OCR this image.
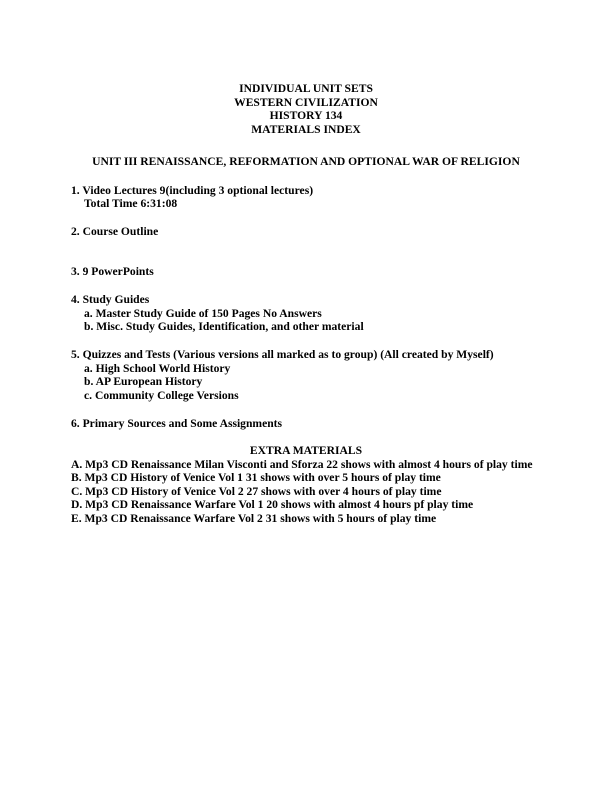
INDIVIDUAL UNIT SETS
WESTERN CIVILIZATION
HISTORY 134
MATERIALS INDEX
UNIT III RENAISSANCE, REFORMATION AND OPTIONAL WAR OF RELIGION
1. Video Lectures 9(including 3 optional lectures)
Total Time 6:31:08
2. Course Outline
3. 9 PowerPoints
4. Study Guides
a. Master Study Guide of 150 Pages No Answers
b. Misc. Study Guides, Identification, and other material
5. Quizzes and Tests (Various versions all marked as to group) (All created by Myself)
a. High School World History
b. AP European History
c. Community College Versions
6. Primary Sources and Some Assignments
EXTRA MATERIALS
A. Mp3 CD Renaissance Milan Visconti and Sforza 22 shows with almost 4 hours of play time
B. Mp3 CD History of Venice Vol 1 31 shows with over 5 hours of play time
C. Mp3 CD History of Venice Vol 2 27 shows with over 4 hours of play time
D. Mp3 CD Renaissance Warfare Vol 1 20 shows with almost 4 hours pf play time
E. Mp3 CD Renaissance Warfare Vol 2 31 shows with 5 hours of play time
